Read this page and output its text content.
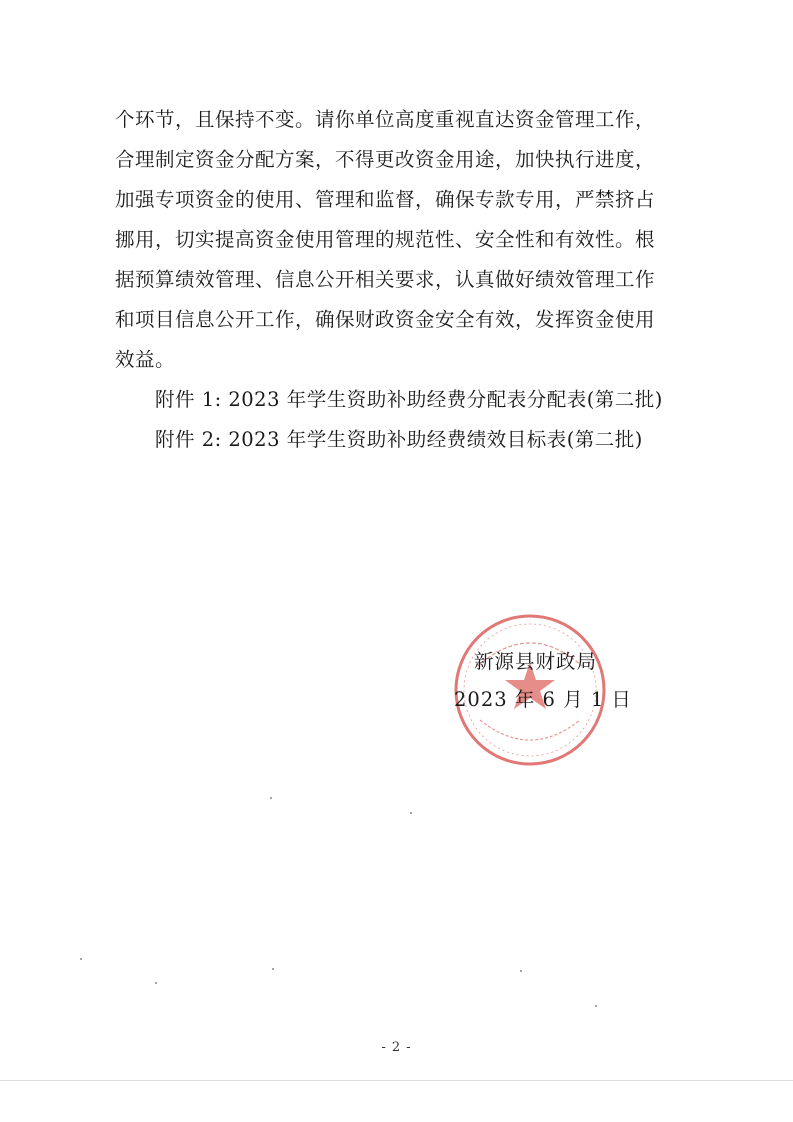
个环节，且保持不变。请你单位高度重视直达资金管理工作，
合理制定资金分配方案，不得更改资金用途，加快执行进度，
加强专项资金的使用、管理和监督，确保专款专用，严禁挤占
挪用，切实提高资金使用管理的规范性、安全性和有效性。根
据预算绩效管理、信息公开相关要求，认真做好绩效管理工作
和项目信息公开工作，确保财政资金安全有效，发挥资金使用
效益。
附件 1: 2023 年学生资助补助经费分配表分配表(第二批)
附件 2: 2023 年学生资助补助经费绩效目标表(第二批)
新源县财政局
2023 年 6 月 1 日
- 2 -
